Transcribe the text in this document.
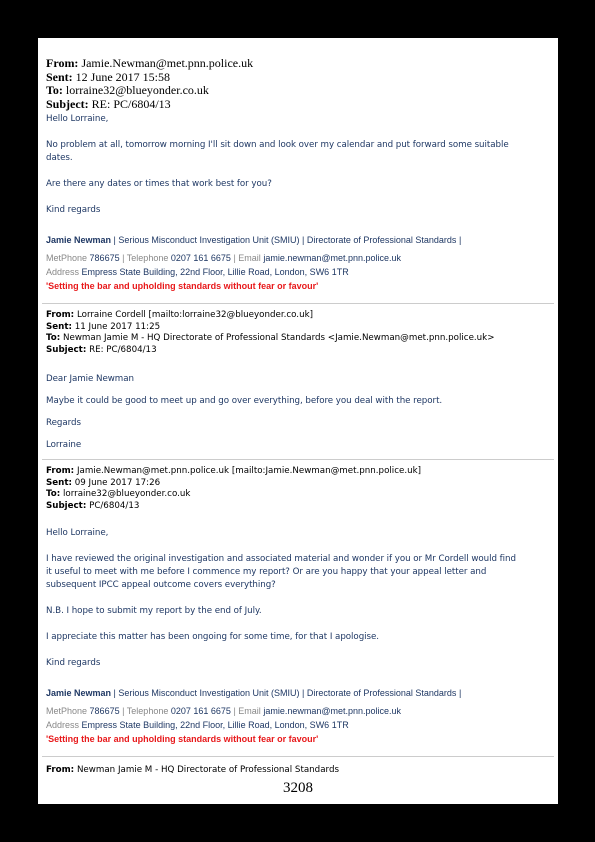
From: Jamie.Newman@met.pnn.police.uk
Sent: 12 June 2017 15:58
To: lorraine32@blueyonder.co.uk
Subject: RE: PC/6804/13

Hello Lorraine,

No problem at all, tomorrow morning I'll sit down and look over my calendar and put forward some suitable

dates.

Are there any dates or times that work best for you?

Kind regards

Jamie Newman | Serious Misconduct Investigation Unit (SMIU) | Directorate of Professional Standards |
MetPhone 786675 | Telephone 0207 161 6675 | Email jamie.newman@met.pnn.police.uk
Address Empress State Building, 22nd Floor, Lillie Road, London, SW6 1TR
'Setting the bar and upholding standards without fear or favour'
From: Lorraine Cordell [mailto:lorraine32@blueyonder.co.uk]
Sent: 11 June 2017 11:25
To: Newman Jamie M - HQ Directorate of Professional Standards <Jamie.Newman@met.pnn.police.uk>
Subject: RE: PC/6804/13

Dear Jamie Newman

Maybe it could be good to meet up and go over everything, before you deal with the report.

Regards

Lorraine

From: Jamie.Newman@met.pnn.police.uk [mailto:Jamie.Newman@met.pnn.police.uk]
Sent: 09 June 2017 17:26
To: lorraine32@blueyonder.co.uk
Subject: PC/6804/13

Hello Lorraine,

I have reviewed the original investigation and associated material and wonder if you or Mr Cordell would find

it useful to meet with me before I commence my report? Or are you happy that your appeal letter and

subsequent IPCC appeal outcome covers everything?

N.B. I hope to submit my report by the end of July.

I appreciate this matter has been ongoing for some time, for that I apologise.

Kind regards

Jamie Newman | Serious Misconduct Investigation Unit (SMIU) | Directorate of Professional Standards |
MetPhone 786675 | Telephone 0207 161 6675 | Email jamie.newman@met.pnn.police.uk
Address Empress State Building, 22nd Floor, Lillie Road, London, SW6 1TR
'Setting the bar and upholding standards without fear or favour'
From: Newman Jamie M - HQ Directorate of Professional Standards
3208
